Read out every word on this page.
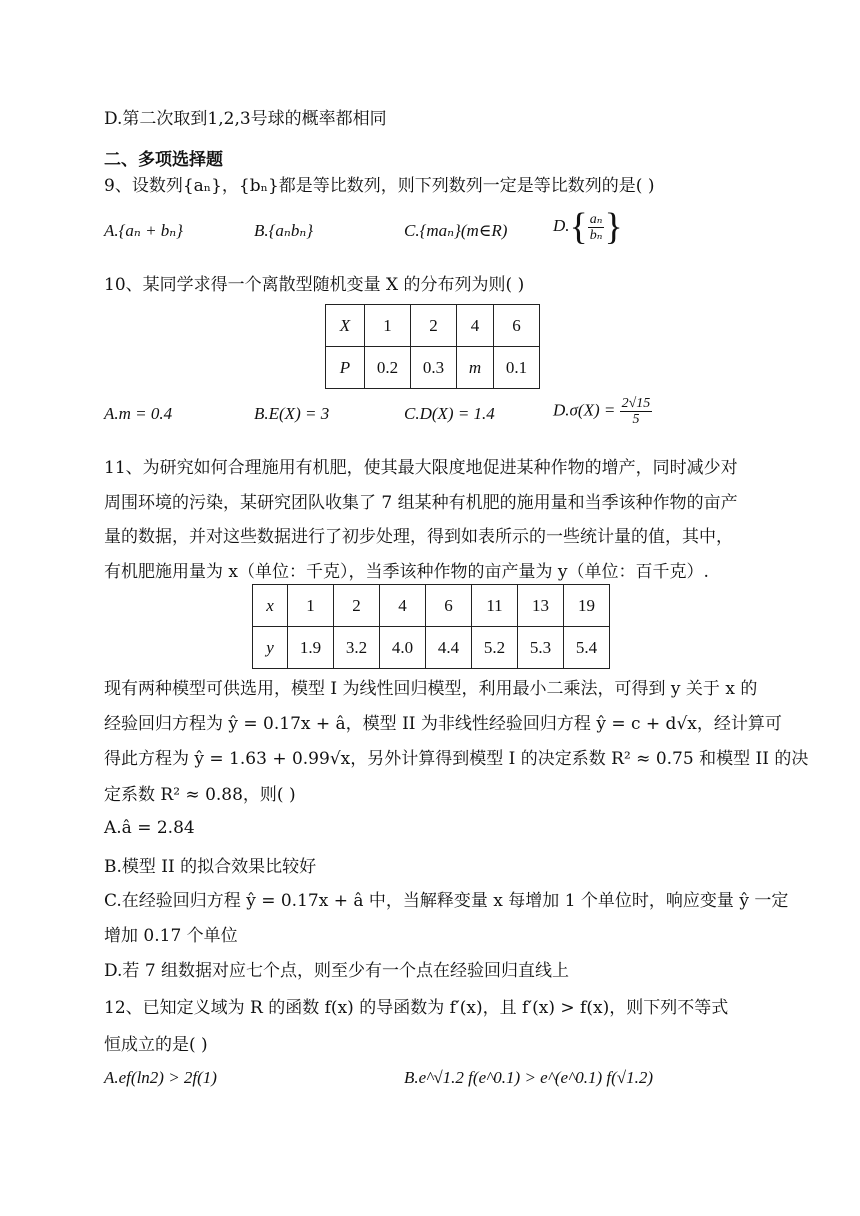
D.第二次取到1,2,3号球的概率都相同
二、多项选择题
9、设数列{aₙ}，{bₙ}都是等比数列，则下列数列一定是等比数列的是( )
A.{aₙ + bₙ}	B.{aₙbₙ}	C.{maₙ}(m∈R)	$D.\{ \frac{\text{aₙ}}{\text{bₙ}}$ }
10、某同学求得一个离散型随机变量 X 的分布列为则( )
X	1	2	4	6
P	0.2	0.3	m	0.1
A.m = 0.4	B.E(X) = 3	C.D(X) = 1.4	$D.\sigma(X) = \frac{2√15}{5}$
11、为研究如何合理施用有机肥，使其最大限度地促进某种作物的增产，同时减少对
周围环境的污染，某研究团队收集了 7 组某种有机肥的施用量和当季该种作物的亩产
量的数据，并对这些数据进行了初步处理，得到如表所示的一些统计量的值，其中，
有机肥施用量为 x（单位：千克），当季该种作物的亩产量为 y（单位：百千克）.
x	1	2	4	6	11	13	19
y	1.9	3.2	4.0	4.4	5.2	5.3	5.4
现有两种模型可供选用，模型 I 为线性回归模型，利用最小二乘法，可得到 y 关于 x 的
经验回归方程为 ŷ = 0.17x + â，模型 II 为非线性经验回归方程 ŷ = c + d√x，经计算可
得此方程为 ŷ = 1.63 + 0.99√x，另外计算得到模型 I 的决定系数 R² ≈ 0.75 和模型 II 的决
定系数 R² ≈ 0.88，则( )
A.â = 2.84
B.模型 II 的拟合效果比较好
C.在经验回归方程 ŷ = 0.17x + â 中，当解释变量 x 每增加 1 个单位时，响应变量 ŷ 一定
增加 0.17 个单位
D.若 7 组数据对应七个点，则至少有一个点在经验回归直线上
12、已知定义域为 R 的函数 f(x) 的导函数为 f′(x)，且 f′(x) > f(x)，则下列不等式
恒成立的是( )
A.ef(ln2) > 2f(1)	B.e^√1.2 f(e^0.1) > e^(e^0.1) f(√1.2)
